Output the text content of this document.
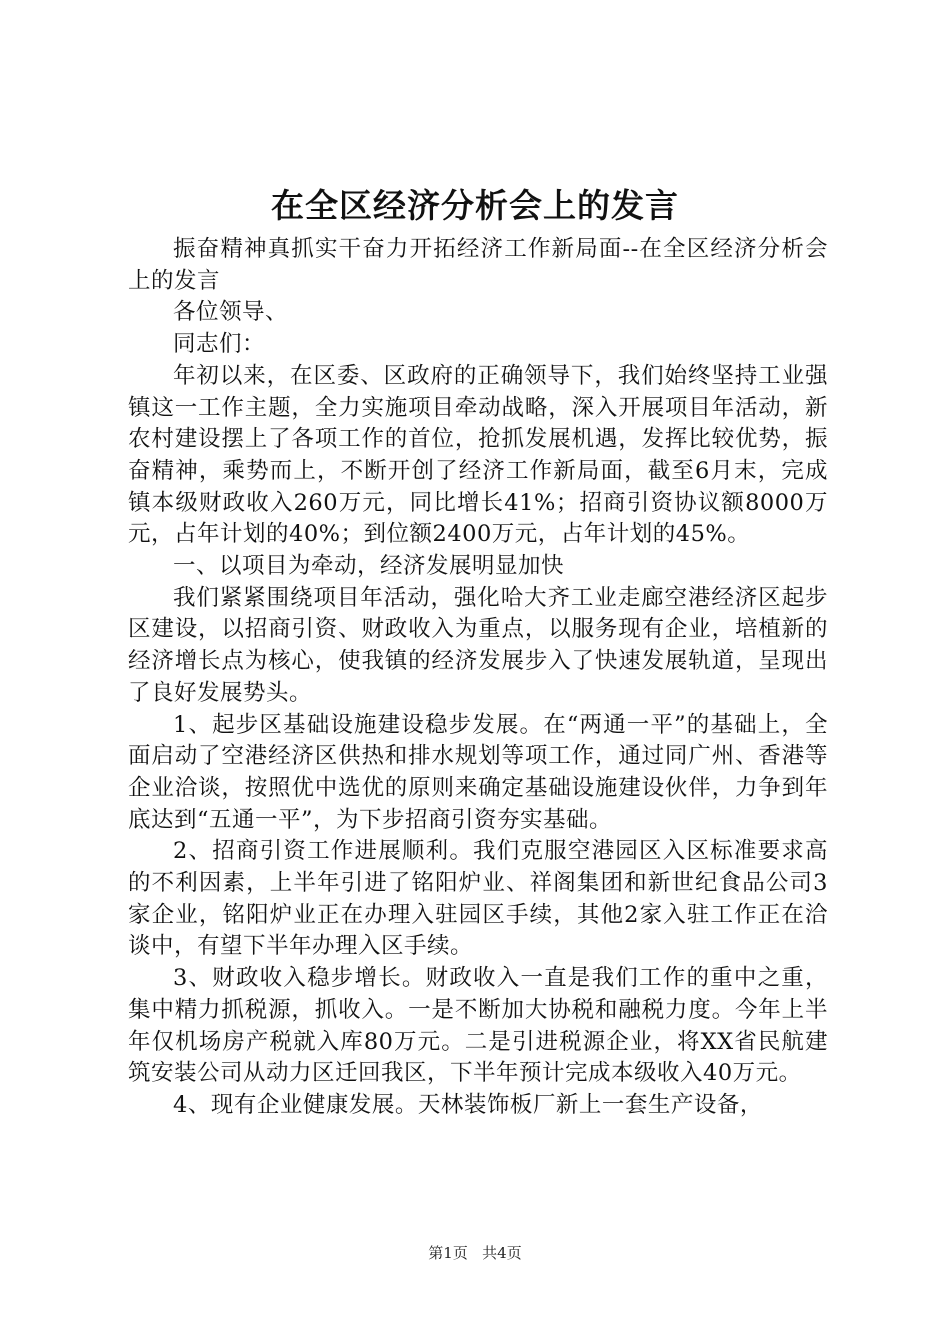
在全区经济分析会上的发言

振奋精神真抓实干奋力开拓经济工作新局面--在全区经济分析会上的发言

各位领导、

同志们：

年初以来，在区委、区政府的正确领导下，我们始终坚持工业强镇这一工作主题，全力实施项目牵动战略，深入开展项目年活动，新农村建设摆上了各项工作的首位，抢抓发展机遇，发挥比较优势，振奋精神，乘势而上，不断开创了经济工作新局面，截至6月末，完成镇本级财政收入260万元，同比增长41%；招商引资协议额8000万元，占年计划的40%；到位额2400万元，占年计划的45%。

一、以项目为牵动，经济发展明显加快

我们紧紧围绕项目年活动，强化哈大齐工业走廊空港经济区起步区建设，以招商引资、财政收入为重点，以服务现有企业，培植新的经济增长点为核心，使我镇的经济发展步入了快速发展轨道，呈现出了良好发展势头。

1、起步区基础设施建设稳步发展。在“两通一平”的基础上，全面启动了空港经济区供热和排水规划等项工作，通过同广州、香港等企业洽谈，按照优中选优的原则来确定基础设施建设伙伴，力争到年底达到“五通一平”，为下步招商引资夯实基础。

2、招商引资工作进展顺利。我们克服空港园区入区标准要求高的不利因素，上半年引进了铭阳炉业、祥阁集团和新世纪食品公司3家企业，铭阳炉业正在办理入驻园区手续，其他2家入驻工作正在洽谈中，有望下半年办理入区手续。

3、财政收入稳步增长。财政收入一直是我们工作的重中之重，集中精力抓税源，抓收入。一是不断加大协税和融税力度。今年上半年仅机场房产税就入库80万元。二是引进税源企业，将XX省民航建筑安装公司从动力区迁回我区，下半年预计完成本级收入40万元。

4、现有企业健康发展。天林装饰板厂新上一套生产设备，

第1页 共4页
